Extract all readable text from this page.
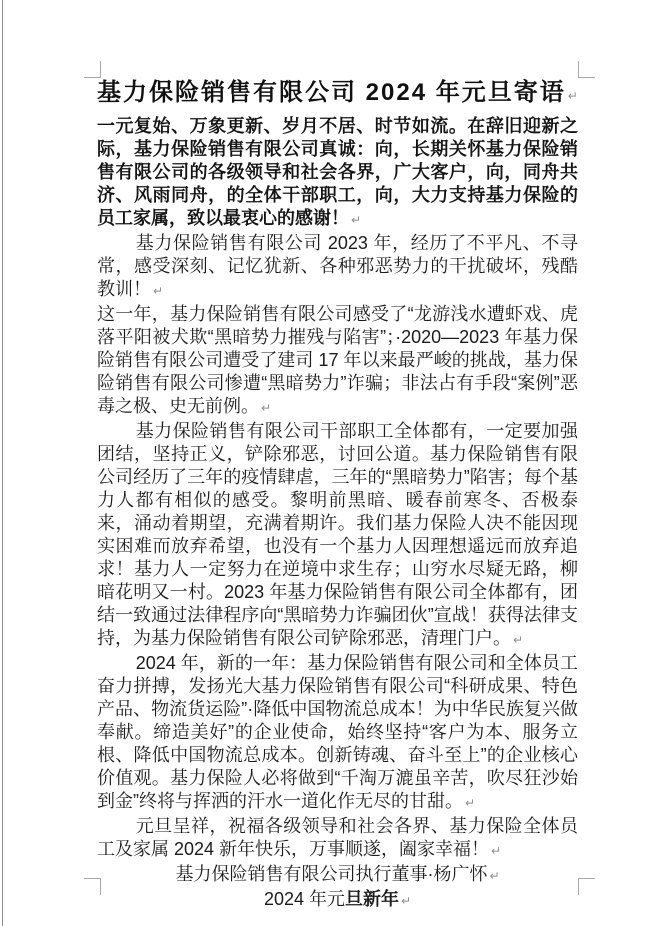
基力保险销售有限公司 2024 年元旦寄语 ↵
一元复始、万象更新、岁月不居、时节如流。在辞旧迎新之际，基力保险销售有限公司真诚：向，长期关怀基力保险销售有限公司的各级领导和社会各界，广大客户，向，同舟共济、风雨同舟，的全体干部职工，向，大力支持基力保险的员工家属，致以最衷心的感谢！ ↵
基力保险销售有限公司 2023 年，经历了不平凡、不寻常，感受深刻、记忆犹新、各种邪恶势力的干扰破坏，残酷教训！ ↵
这一年，基力保险销售有限公司感受了“龙游浅水遭虾戏、虎落平阳被犬欺“黑暗势力摧残与陷害”；·2020—2023 年基力保险销售有限公司遭受了建司 17 年以来最严峻的挑战，基力保险销售有限公司惨遭“黑暗势力”诈骗；非法占有手段“案例”恶毒之极、史无前例。 ↵
基力保险销售有限公司干部职工全体都有，一定要加强团结，坚持正义，铲除邪恶，讨回公道。基力保险销售有限公司经历了三年的疫情肆虐，三年的“黑暗势力”陷害；每个基力人都有相似的感受。黎明前黑暗、暖春前寒冬、否极泰来，涌动着期望，充满着期许。我们基力保险人决不能因现实困难而放弃希望，也没有一个基力人因理想遥远而放弃追求！基力人一定努力在逆境中求生存；山穷水尽疑无路，柳暗花明又一村。2023 年基力保险销售有限公司全体都有，团结一致通过法律程序向“黑暗势力诈骗团伙”宣战！获得法律支持，为基力保险销售有限公司铲除邪恶，清理门户。 ↵
2024 年，新的一年：基力保险销售有限公司和全体员工奋力拼搏，发扬光大基力保险销售有限公司“科研成果、特色产品、物流货运险”·降低中国物流总成本！为中华民族复兴做奉献。缔造美好”的企业使命，始终坚持“客户为本、服务立根、降低中国物流总成本。创新铸魂、奋斗至上”的企业核心价值观。基力保险人必将做到“千淘万漉虽辛苦，吹尽狂沙始到金”终将与挥洒的汗水一道化作无尽的甘甜。 ↵
元旦呈祥，祝福各级领导和社会各界、基力保险全体员工及家属 2024 新年快乐，万事顺遂，阖家幸福！ ↵
基力保险销售有限公司执行董事·杨广怀 ↵
2024 年元旦新年 ↵
